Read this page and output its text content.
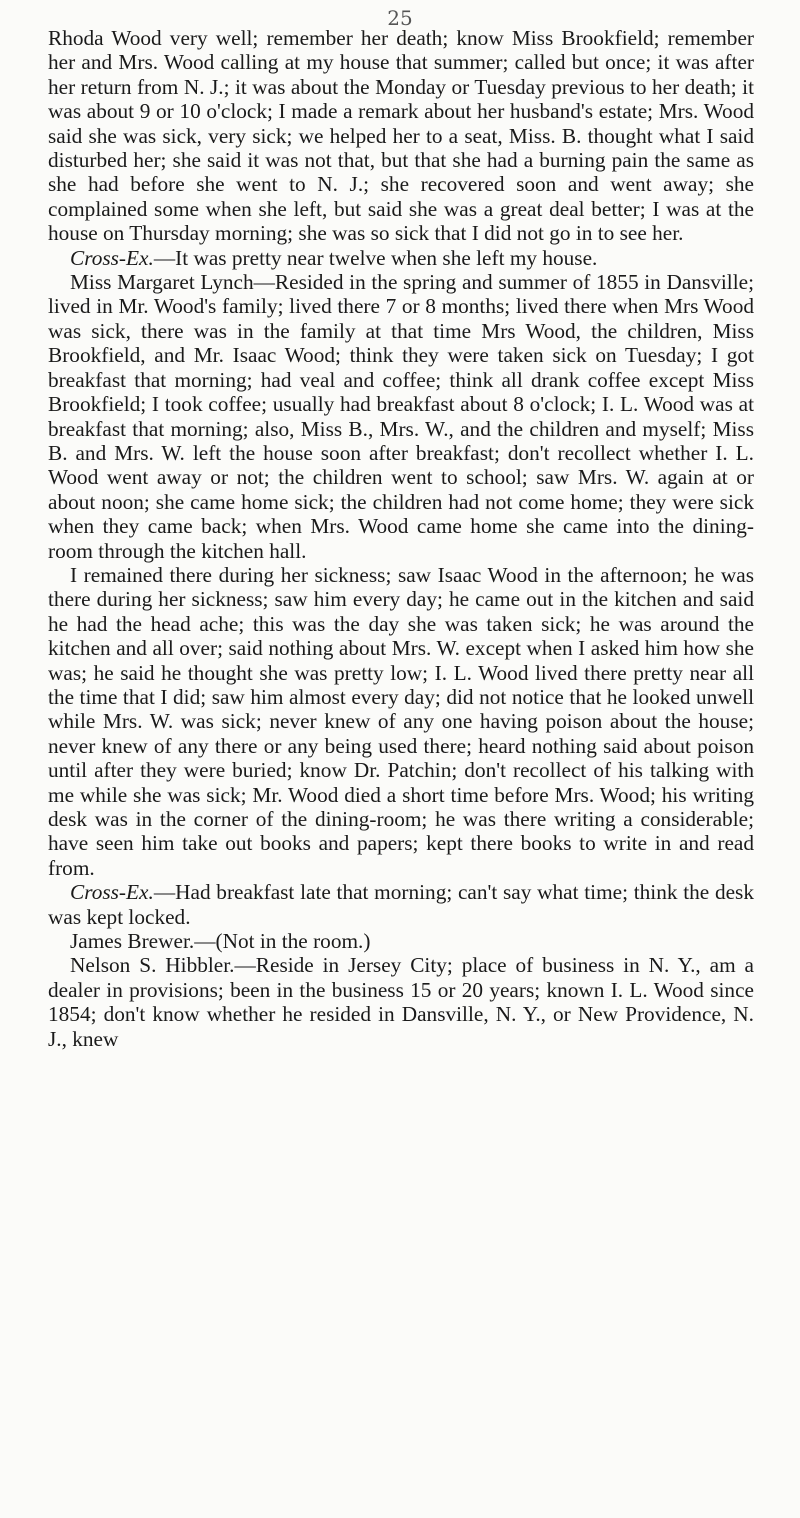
25

Rhoda Wood very well; remember her death; know Miss Brookfield; remember her and Mrs. Wood calling at my house that summer; called but once; it was after her return from N. J.; it was about the Monday or Tuesday previous to her death; it was about 9 or 10 o'clock; I made a remark about her husband's estate; Mrs. Wood said she was sick, very sick; we helped her to a seat, Miss. B. thought what I said disturbed her; she said it was not that, but that she had a burning pain the same as she had before she went to N. J.; she recovered soon and went away; she complained some when she left, but said she was a great deal better; I was at the house on Thursday morning; she was so sick that I did not go in to see her.

Cross-Ex.—It was pretty near twelve when she left my house.

Miss Margaret Lynch—Resided in the spring and summer of 1855 in Dansville; lived in Mr. Wood's family; lived there 7 or 8 months; lived there when Mrs Wood was sick, there was in the family at that time Mrs Wood, the children, Miss Brookfield, and Mr. Isaac Wood; think they were taken sick on Tuesday; I got breakfast that morning; had veal and coffee; think all drank coffee except Miss Brookfield; I took coffee; usually had breakfast about 8 o'clock; I. L. Wood was at breakfast that morning; also, Miss B., Mrs. W., and the children and myself; Miss B. and Mrs. W. left the house soon after breakfast; don't recollect whether I. L. Wood went away or not; the children went to school; saw Mrs. W. again at or about noon; she came home sick; the children had not come home; they were sick when they came back; when Mrs. Wood came home she came into the dining-room through the kitchen hall.

I remained there during her sickness; saw Isaac Wood in the afternoon; he was there during her sickness; saw him every day; he came out in the kitchen and said he had the head ache; this was the day she was taken sick; he was around the kitchen and all over; said nothing about Mrs. W. except when I asked him how she was; he said he thought she was pretty low; I. L. Wood lived there pretty near all the time that I did; saw him almost every day; did not notice that he looked unwell while Mrs. W. was sick; never knew of any one having poison about the house; never knew of any there or any being used there; heard nothing said about poison until after they were buried; know Dr. Patchin; don't recollect of his talking with me while she was sick; Mr. Wood died a short time before Mrs. Wood; his writing desk was in the corner of the dining-room; he was there writing a considerable; have seen him take out books and papers; kept there books to write in and read from.

Cross-Ex.—Had breakfast late that morning; can't say what time; think the desk was kept locked.

James Brewer.—(Not in the room.)

Nelson S. Hibbler.—Reside in Jersey City; place of business in N. Y., am a dealer in provisions; been in the business 15 or 20 years; known I. L. Wood since 1854; don't know whether he resided in Dansville, N. Y., or New Providence, N. J., knew
